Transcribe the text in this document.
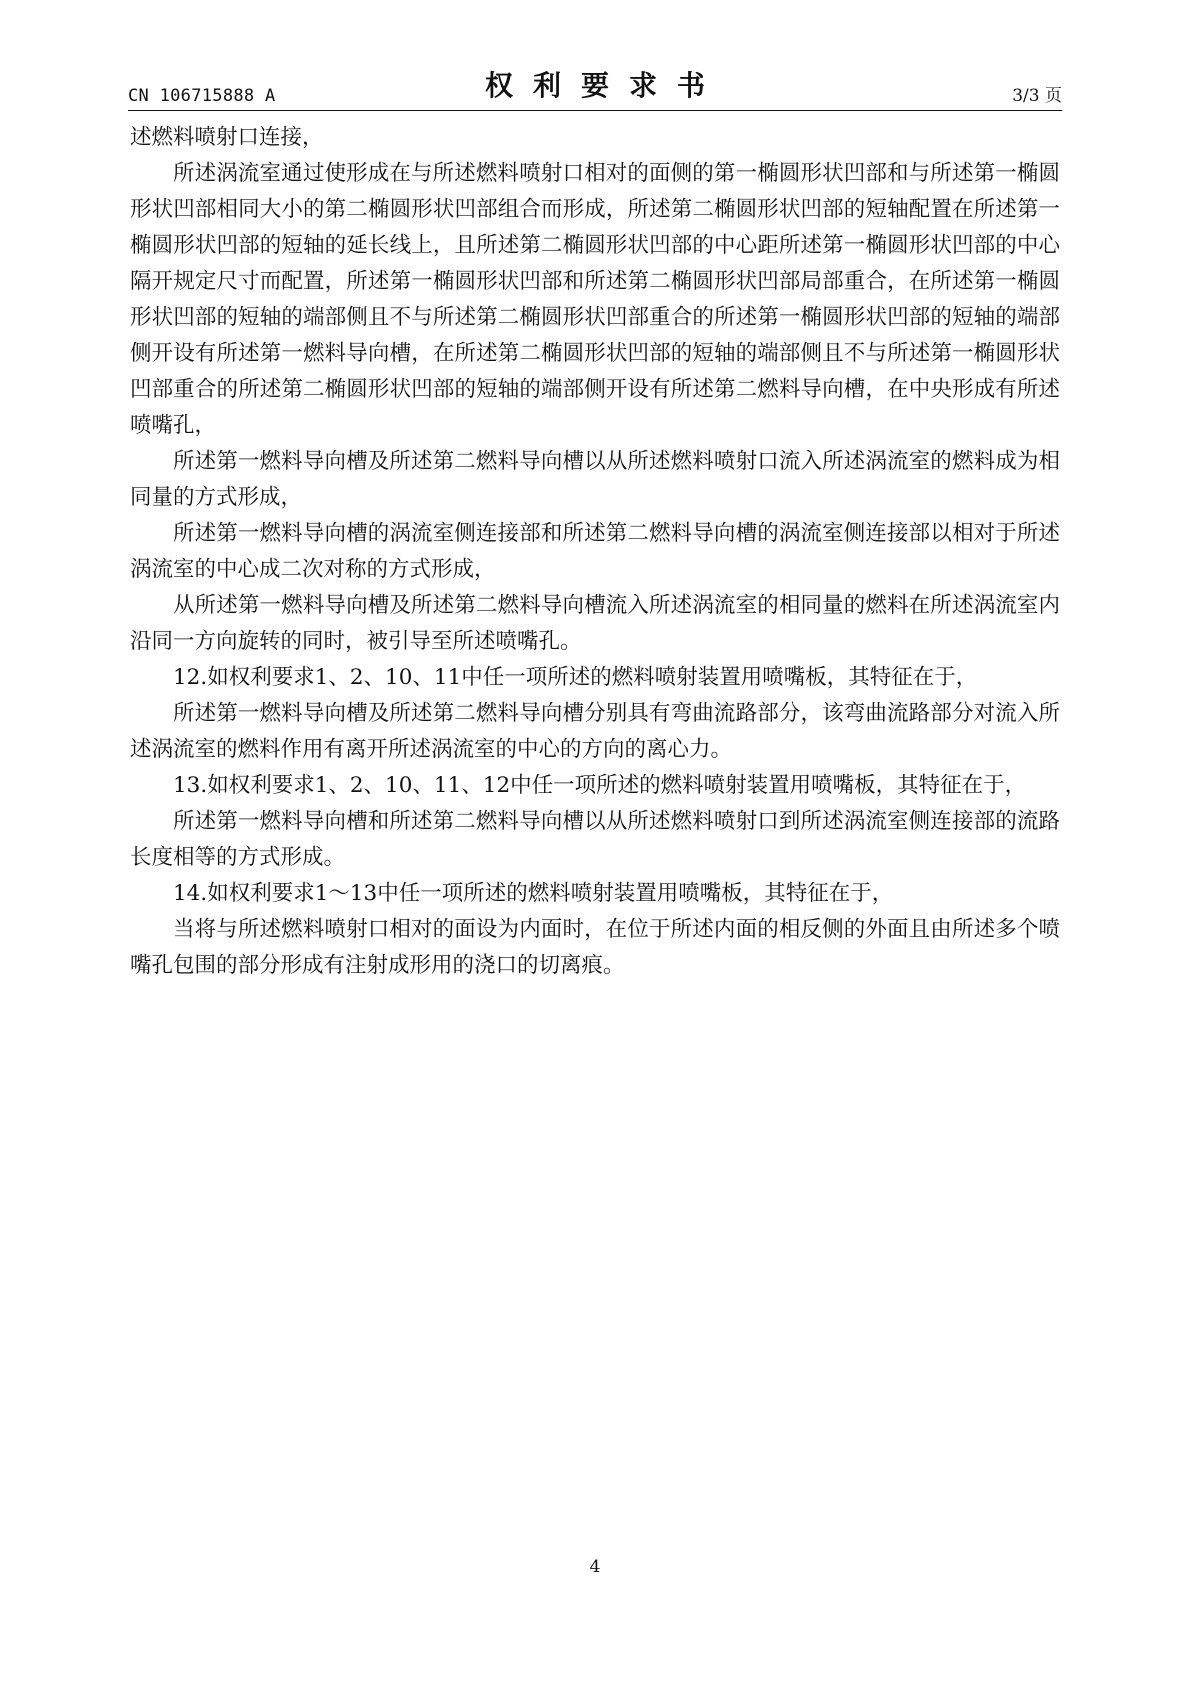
CN 106715888 A	权利要求书	3/3 页

述燃料喷射口连接，

所述涡流室通过使形成在与所述燃料喷射口相对的面侧的第一椭圆形状凹部和与所述第一椭圆形状凹部相同大小的第二椭圆形状凹部组合而形成，所述第二椭圆形状凹部的短轴配置在所述第一椭圆形状凹部的短轴的延长线上，且所述第二椭圆形状凹部的中心距所述第一椭圆形状凹部的中心隔开规定尺寸而配置，所述第一椭圆形状凹部和所述第二椭圆形状凹部局部重合，在所述第一椭圆形状凹部的短轴的端部侧且不与所述第二椭圆形状凹部重合的所述第一椭圆形状凹部的短轴的端部侧开设有所述第一燃料导向槽，在所述第二椭圆形状凹部的短轴的端部侧且不与所述第一椭圆形状凹部重合的所述第二椭圆形状凹部的短轴的端部侧开设有所述第二燃料导向槽，在中央形成有所述喷嘴孔，

所述第一燃料导向槽及所述第二燃料导向槽以从所述燃料喷射口流入所述涡流室的燃料成为相同量的方式形成，

所述第一燃料导向槽的涡流室侧连接部和所述第二燃料导向槽的涡流室侧连接部以相对于所述涡流室的中心成二次对称的方式形成，

从所述第一燃料导向槽及所述第二燃料导向槽流入所述涡流室的相同量的燃料在所述涡流室内沿同一方向旋转的同时，被引导至所述喷嘴孔。

12.如权利要求1、2、10、11中任一项所述的燃料喷射装置用喷嘴板，其特征在于，

所述第一燃料导向槽及所述第二燃料导向槽分别具有弯曲流路部分，该弯曲流路部分对流入所述涡流室的燃料作用有离开所述涡流室的中心的方向的离心力。

13.如权利要求1、2、10、11、12中任一项所述的燃料喷射装置用喷嘴板，其特征在于，

所述第一燃料导向槽和所述第二燃料导向槽以从所述燃料喷射口到所述涡流室侧连接部的流路长度相等的方式形成。

14.如权利要求1～13中任一项所述的燃料喷射装置用喷嘴板，其特征在于，

当将与所述燃料喷射口相对的面设为内面时，在位于所述内面的相反侧的外面且由所述多个喷嘴孔包围的部分形成有注射成形用的浇口的切离痕。

4
